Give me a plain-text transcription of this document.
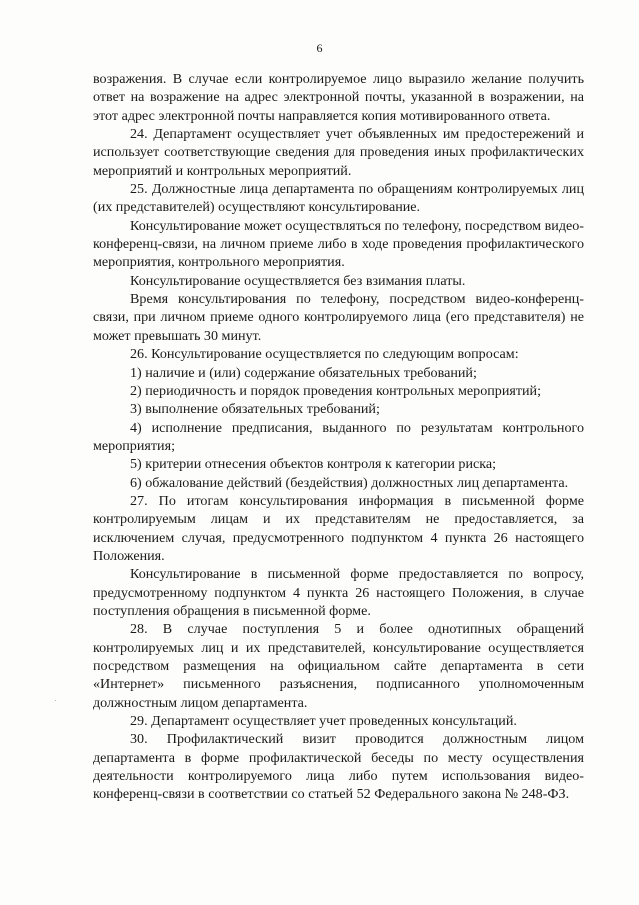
6

возражения. В случае если контролируемое лицо выразило желание получить ответ на возражение на адрес электронной почты, указанной в возражении, на этот адрес электронной почты направляется копия мотивированного ответа.

24. Департамент осуществляет учет объявленных им предостережений и использует соответствующие сведения для проведения иных профилактических мероприятий и контрольных мероприятий.

25. Должностные лица департамента по обращениям контролируемых лиц (их представителей) осуществляют консультирование.

Консультирование может осуществляться по телефону, посредством видео-конференц-связи, на личном приеме либо в ходе проведения профилактического мероприятия, контрольного мероприятия.

Консультирование осуществляется без взимания платы.

Время консультирования по телефону, посредством видео-конференц-связи, при личном приеме одного контролируемого лица (его представителя) не может превышать 30 минут.

26. Консультирование осуществляется по следующим вопросам:

1) наличие и (или) содержание обязательных требований;

2) периодичность и порядок проведения контрольных мероприятий;

3) выполнение обязательных требований;

4) исполнение предписания, выданного по результатам контрольного мероприятия;

5) критерии отнесения объектов контроля к категории риска;

6) обжалование действий (бездействия) должностных лиц департамента.

27. По итогам консультирования информация в письменной форме контролируемым лицам и их представителям не предоставляется, за исключением случая, предусмотренного подпунктом 4 пункта 26 настоящего Положения.

Консультирование в письменной форме предоставляется по вопросу, предусмотренному подпунктом 4 пункта 26 настоящего Положения, в случае поступления обращения в письменной форме.

28. В случае поступления 5 и более однотипных обращений контролируемых лиц и их представителей, консультирование осуществляется посредством размещения на официальном сайте департамента в сети «Интернет» письменного разъяснения, подписанного уполномоченным должностным лицом департамента.

29. Департамент осуществляет учет проведенных консультаций.

30. Профилактический визит проводится должностным лицом департамента в форме профилактической беседы по месту осуществления деятельности контролируемого лица либо путем использования видео-конференц-связи в соответствии со статьей 52 Федерального закона № 248-ФЗ.
